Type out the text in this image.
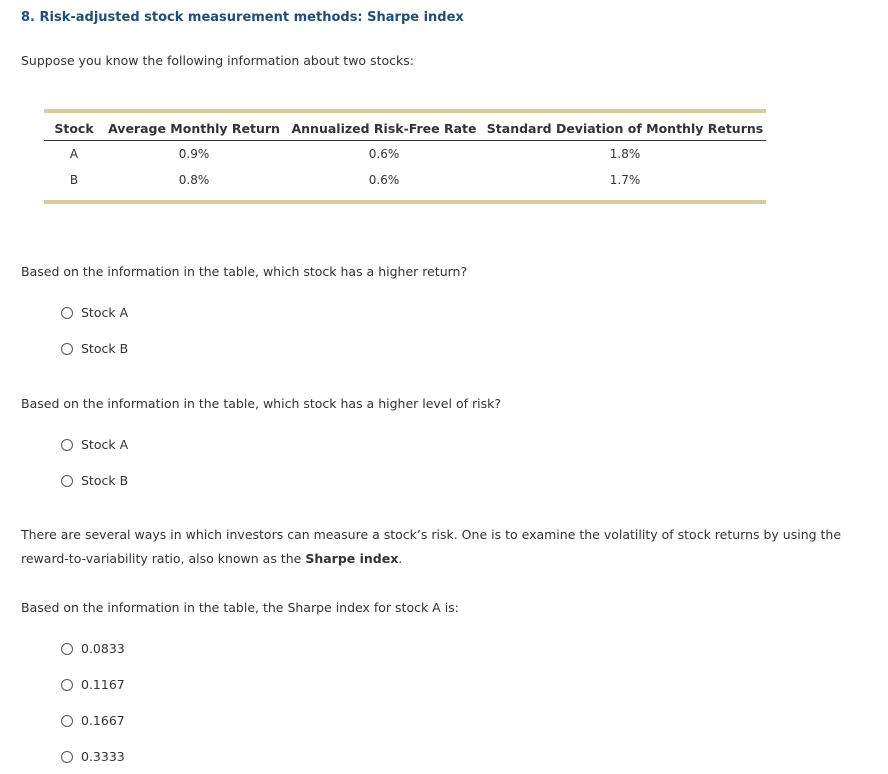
8. Risk-adjusted stock measurement methods: Sharpe index
Suppose you know the following information about two stocks:
Stock	Average Monthly Return	Annualized Risk-Free Rate	Standard Deviation of Monthly Returns
A	0.9%	0.6%	1.8%
B	0.8%	0.6%	1.7%
Based on the information in the table, which stock has a higher return?
Stock A
Stock B
Based on the information in the table, which stock has a higher level of risk?
Stock A
Stock B
There are several ways in which investors can measure a stock’s risk. One is to examine the volatility of stock returns by using the reward-to-variability ratio, also known as the Sharpe index.
Based on the information in the table, the Sharpe index for stock A is:
0.0833
0.1167
0.1667
0.3333
